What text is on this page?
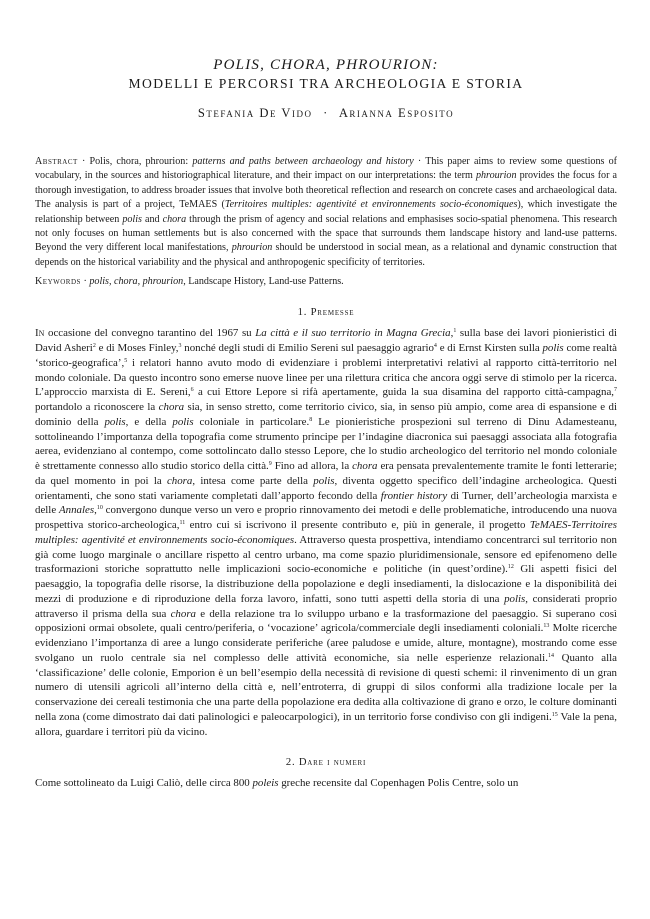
POLIS, CHORA, PHROURION:

MODELLI E PERCORSI TRA ARCHEOLOGIA E STORIA

Stefania De Vido · Arianna Esposito

Abstract · Polis, chora, phrourion: patterns and paths between archaeology and history · This paper aims to review some questions of vocabulary, in the sources and historiographical literature, and their impact on our interpretations: the term phrourion provides the focus for a thorough investigation, to address broader issues that involve both theoretical reflection and research on concrete cases and archaeological data. The analysis is part of a project, TeMAES (Territoires multiples: agentivité et environnements socio-économiques), which investigate the relationship between polis and chora through the prism of agency and social relations and emphasises socio-spatial phenomena. This research not only focuses on human settlements but is also concerned with the space that surrounds them landscape history and land-use patterns. Beyond the very different local manifestations, phrourion should be understood in social mean, as a relational and dynamic construction that depends on the historical variability and the physical and anthropogenic specificity of territories.

Keywords · polis, chora, phrourion, Landscape History, Land-use Patterns.

1. Premesse

In occasione del convegno tarantino del 1967 su La città e il suo territorio in Magna Grecia,$^1$ sulla base dei lavori pionieristici di David Asheri$^2$ e di Moses Finley,$^3$ nonché degli studi di Emilio Sereni sul paesaggio agrario$^4$ e di Ernst Kirsten sulla polis come realtà ‘storico-geografica’,$^5$ i relatori hanno avuto modo di evidenziare i problemi interpretativi relativi al rapporto città-territorio nel mondo coloniale. Da questo incontro sono emerse nuove linee per una rilettura critica che ancora oggi serve di stimolo per la ricerca. L’approccio marxista di E. Sereni,$^6$ a cui Ettore Lepore si rifà apertamente, guida la sua disamina del rapporto città-campagna,$^7$ portandolo a riconoscere la chora sia, in senso stretto, come territorio civico, sia, in senso più ampio, come area di espansione e di dominio della polis, e della polis coloniale in particolare.$^8$ Le pionieristiche prospezioni sul terreno di Dinu Adamesteanu, sottolineando l’importanza della topografia come strumento principe per l’indagine diacronica sui paesaggi associata alla fotografia aerea, evidenziano al contempo, come sottolincato dallo stesso Lepore, che lo studio archeologico del territorio nel mondo coloniale è strettamente connesso allo studio storico della città.$^9$ Fino ad allora, la chora era pensata prevalentemente tramite le fonti letterarie; da quel momento in poi la chora, intesa come parte della polis, diventa oggetto specifico dell’indagine archeologica. Questi orientamenti, che sono stati variamente completati dall’apporto fecondo della frontier history di Turner, dell’archeologia marxista e delle Annales,$^{10}$ convergono dunque verso un vero e proprio rinnovamento dei metodi e delle problematiche, introducendo una nuova prospettiva storico-archeologica,$^{11}$ entro cui si iscrivono il presente contributo e, più in generale, il progetto TeMAES-Territoires multiples: agentivité et environnements socio-économiques. Attraverso questa prospettiva, intendiamo concentrarci sul territorio non già come luogo marginale o ancillare rispetto al centro urbano, ma come spazio pluridimensionale, sensore ed epifenomeno delle trasformazioni storiche soprattutto nelle implicazioni socio-economiche e politiche (in quest’ordine).$^{12}$ Gli aspetti fisici del paesaggio, la topografia delle risorse, la distribuzione della popolazione e degli insediamenti, la dislocazione e la disponibilità dei mezzi di produzione e di riproduzione della forza lavoro, infatti, sono tutti aspetti della storia di una polis, considerati proprio attraverso il prisma della sua chora e della relazione tra lo sviluppo urbano e la trasformazione del paesaggio. Si superano così opposizioni ormai obsolete, quali centro/periferia, o ‘vocazione’ agricola/commerciale degli insediamenti coloniali.$^{13}$ Molte ricerche evidenziano l’importanza di aree a lungo considerate periferiche (aree paludose e umide, alture, montagne), mostrando come esse svolgano un ruolo centrale sia nel complesso delle attività economiche, sia nelle esperienze relazionali.$^{14}$ Quanto alla ‘classificazione’ delle colonie, Emporion è un bell’esempio della necessità di revisione di questi schemi: il rinvenimento di un gran numero di utensili agricoli all’interno della città e, nell’entroterra, di gruppi di silos conformi alla tradizione locale per la conservazione dei cereali testimonia che una parte della popolazione era dedita alla coltivazione di grano e orzo, le colture dominanti nella zona (come dimostrato dai dati palinologici e paleocarpologici), in un territorio forse condiviso con gli indigeni.$^{15}$ Vale la pena, allora, guardare i territori più da vicino.

2. Dare i numeri

Come sottolineato da Luigi Caliò, delle circa 800 poleis greche recensite dal Copenhagen Polis Centre, solo un
